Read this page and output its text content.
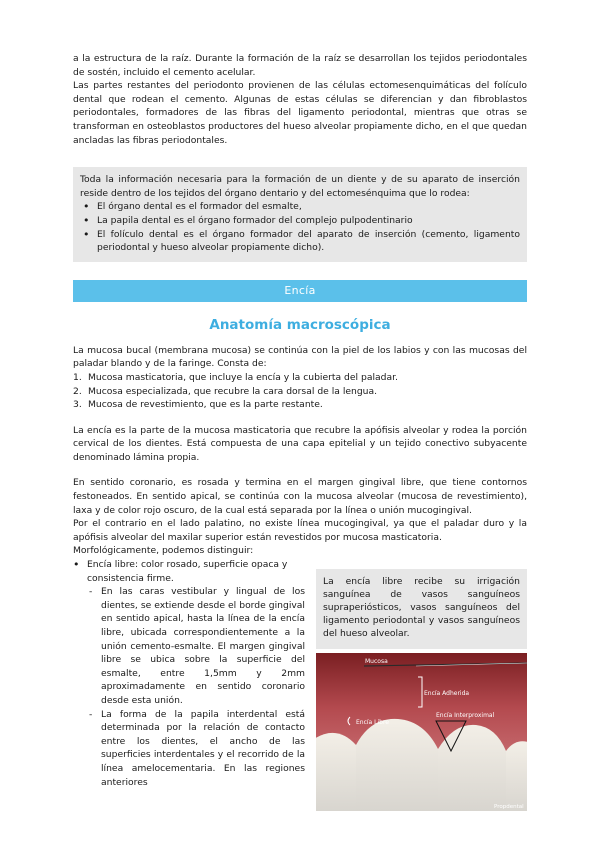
a la estructura de la raíz. Durante la formación de la raíz se desarrollan los tejidos periodontales de sostén, incluido el cemento acelular.

Las partes restantes del periodonto provienen de las células ectomesenquimáticas del folículo dental que rodean el cemento. Algunas de estas células se diferencian y dan fibroblastos periodontales, formadores de las fibras del ligamento periodontal, mientras que otras se transforman en osteoblastos productores del hueso alveolar propiamente dicho, en el que quedan ancladas las fibras periodontales.

Toda la información necesaria para la formación de un diente y de su aparato de inserción reside dentro de los tejidos del órgano dentario y del ectomesénquima que lo rodea:

• El órgano dental es el formador del esmalte,
• La papila dental es el órgano formador del complejo pulpodentinario
• El folículo dental es el órgano formador del aparato de inserción (cemento, ligamento periodontal y hueso alveolar propiamente dicho).
Encía
Anatomía macroscópica

La mucosa bucal (membrana mucosa) se continúa con la piel de los labios y con las mucosas del paladar blando y de la faringe. Consta de:

1. Mucosa masticatoria, que incluye la encía y la cubierta del paladar.
2. Mucosa especializada, que recubre la cara dorsal de la lengua.
3. Mucosa de revestimiento, que es la parte restante.

La encía es la parte de la mucosa masticatoria que recubre la apófisis alveolar y rodea la porción cervical de los dientes. Está compuesta de una capa epitelial y un tejido conectivo subyacente denominado lámina propia.

En sentido coronario, es rosada y termina en el margen gingival libre, que tiene contornos festoneados. En sentido apical, se continúa con la mucosa alveolar (mucosa de revestimiento), laxa y de color rojo oscuro, de la cual está separada por la línea o unión mucogingival.

Por el contrario en el lado palatino, no existe línea mucogingival, ya que el paladar duro y la apófisis alveolar del maxilar superior están revestidos por mucosa masticatoria.

Morfológicamente, podemos distinguir:

• Encía libre: color rosado, superficie opaca y consistencia firme.
- En las caras vestibular y lingual de los dientes, se extiende desde el borde gingival en sentido apical, hasta la línea de la encía libre, ubicada correspondientemente a la unión cemento-esmalte. El margen gingival libre se ubica sobre la superficie del esmalte, entre 1,5mm y 2mm aproximadamente en sentido coronario desde esta unión.
- La forma de la papila interdental está determinada por la relación de contacto entre los dientes, el ancho de las superficies interdentales y el recorrido de la línea amelocementaria. En las regiones anteriores
La encía libre recibe su irrigación sanguínea de vasos sanguíneos supraperiósticos, vasos sanguíneos del ligamento periodontal y vasos sanguíneos del hueso alveolar.
Mucosa
Encía Adherida
Encía Interproximal
Encía Libre
Propdental
